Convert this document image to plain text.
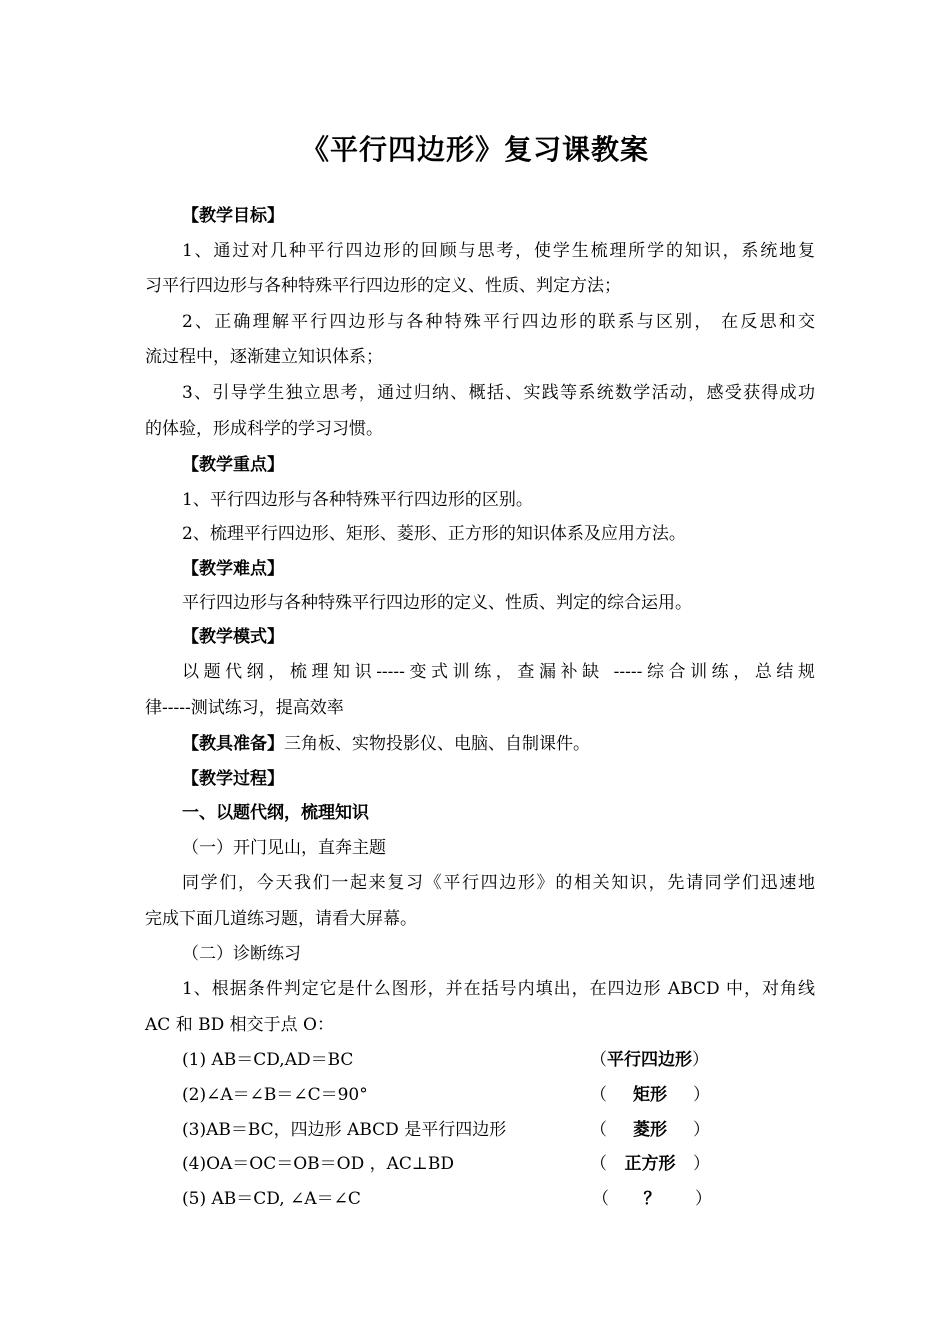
《平行四边形》复习课教案
【教学目标】
1、通过对几种平行四边形的回顾与思考，使学生梳理所学的知识，系统地复
习平行四边形与各种特殊平行四边形的定义、性质、判定方法；
2、正确理解平行四边形与各种特殊平行四边形的联系与区别， 在反思和交
流过程中，逐渐建立知识体系；
3、引导学生独立思考，通过归纳、概括、实践等系统数学活动，感受获得成功
的体验，形成科学的学习习惯。
【教学重点】
1、平行四边形与各种特殊平行四边形的区别。
2、梳理平行四边形、矩形、菱形、正方形的知识体系及应用方法。
【教学难点】
平行四边形与各种特殊平行四边形的定义、性质、判定的综合运用。
【教学模式】
以题代纲，梳理知识-----变式训练，查漏补缺 -----综合训练，总结规
律-----测试练习，提高效率
【教具准备】三角板、实物投影仪、电脑、自制课件。
【教学过程】
一、以题代纲，梳理知识
（一）开门见山，直奔主题
同学们，今天我们一起来复习《平行四边形》的相关知识，先请同学们迅速地
完成下面几道练习题，请看大屏幕。
（二）诊断练习
1、根据条件判定它是什么图形，并在括号内填出，在四边形 ABCD 中，对角线
AC 和 BD 相交于点 O：
(1) AB＝CD,AD＝BC	（平行四边形）
(2)∠A＝∠B＝∠C＝90°	（ 矩形 ）
(3)AB＝BC，四边形 ABCD 是平行四边形	（ 菱形 ）
(4)OA＝OC＝OB＝OD ，AC⊥BD	（ 正方形 ）
(5) AB＝CD, ∠A＝∠C	（ ？ ）
